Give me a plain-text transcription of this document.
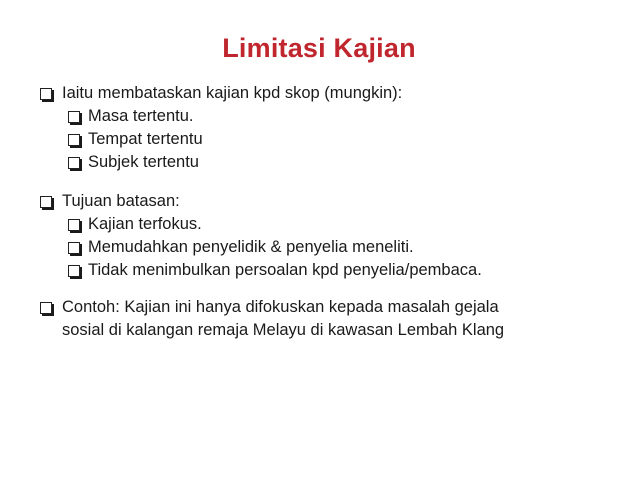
Limitasi Kajian
Iaitu membataskan kajian kpd skop (mungkin):
Masa tertentu.
Tempat tertentu
Subjek tertentu
Tujuan batasan:
Kajian terfokus.
Memudahkan penyelidik & penyelia meneliti.
Tidak menimbulkan persoalan kpd penyelia/pembaca.
Contoh: Kajian ini hanya difokuskan kepada masalah gejala
sosial di kalangan remaja Melayu di kawasan Lembah Klang
